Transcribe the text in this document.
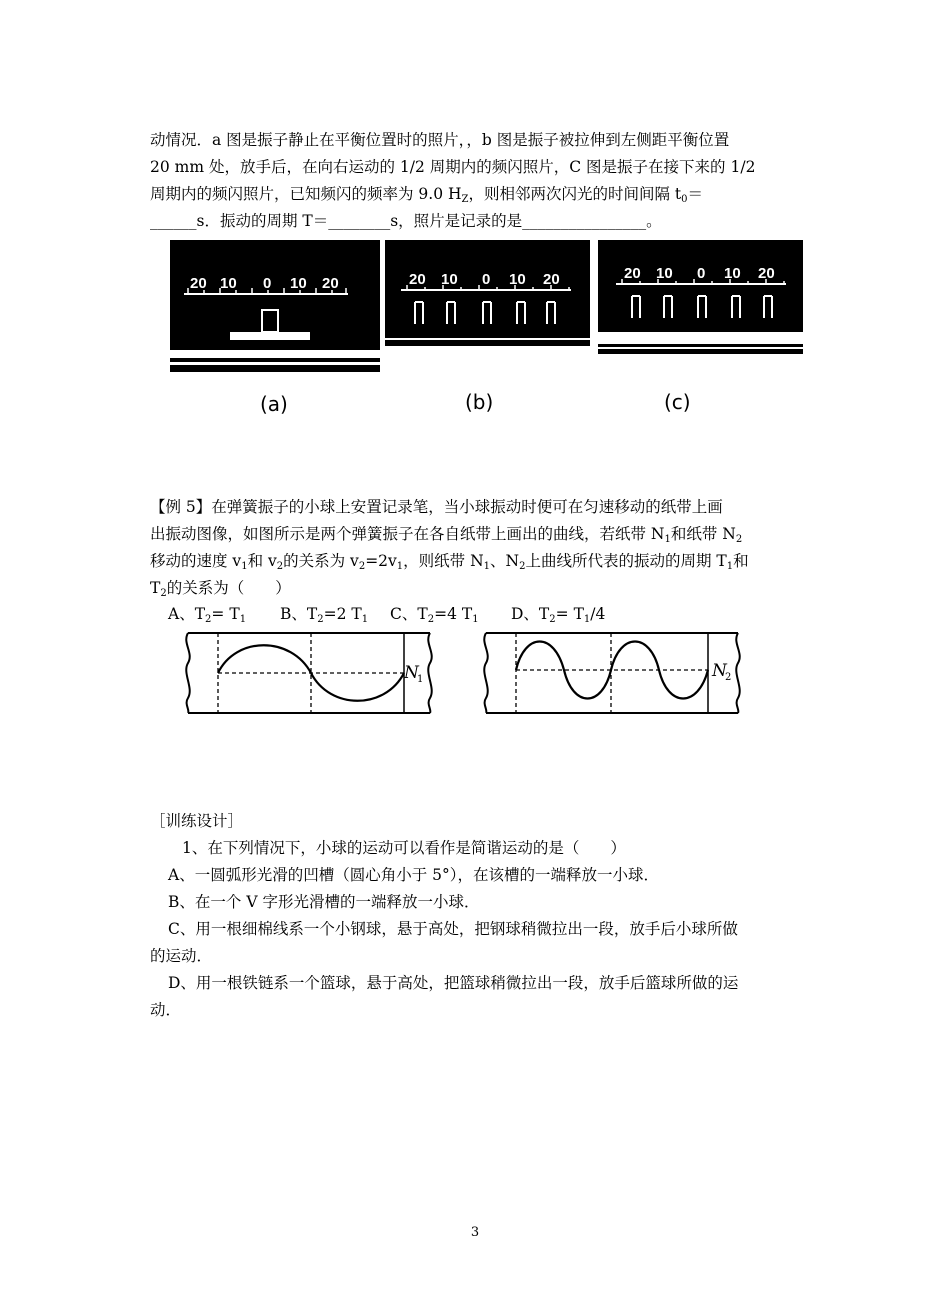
动情况．a 图是振子静止在平衡位置时的照片，，b 图是振子被拉伸到左侧距平衡位置
20 mm 处，放手后，在向右运动的 1/2 周期内的频闪照片，C 图是振子在接下来的 1/2
周期内的频闪照片，已知频闪的频率为 9.0 $H_Z$，则相邻两次闪光的时间间隔 $t_0=$
______s．振动的周期 T＝________s，照片是记录的是________________。
20 10 0 10 20
(a)
20 10 0 10 20
(b)
20 10 0 10 20
(c)
【例 5】在弹簧振子的小球上安置记录笔，当小球振动时便可在匀速移动的纸带上画
出振动图像，如图所示是两个弹簧振子在各自纸带上画出的曲线，若纸带 $N_1$和纸带 $N_2$
移动的速度 $v_1$和 $v_2$的关系为 $v_2=2v_1$，则纸带 $N_1$、$N_2$上曲线所代表的振动的周期 $T_1$和
$T_2$的关系为（　　）
A、$T_2= T_1$ B、$T_2=2$ $T_1$ C、$T_2=4$ $T_1$ D、$T_2= T_1/4$
N
1	N
2
［训练设计］
1、在下列情况下，小球的运动可以看作是简谐运动的是（　　）
A、一圆弧形光滑的凹槽（圆心角小于 5°），在该槽的一端释放一小球．
B、在一个 V 字形光滑槽的一端释放一小球．
C、用一根细棉线系一个小钢球，悬于高处，把钢球稍微拉出一段，放手后小球所做
的运动．
D、用一根铁链系一个篮球，悬于高处，把篮球稍微拉出一段，放手后篮球所做的运
动．
3
